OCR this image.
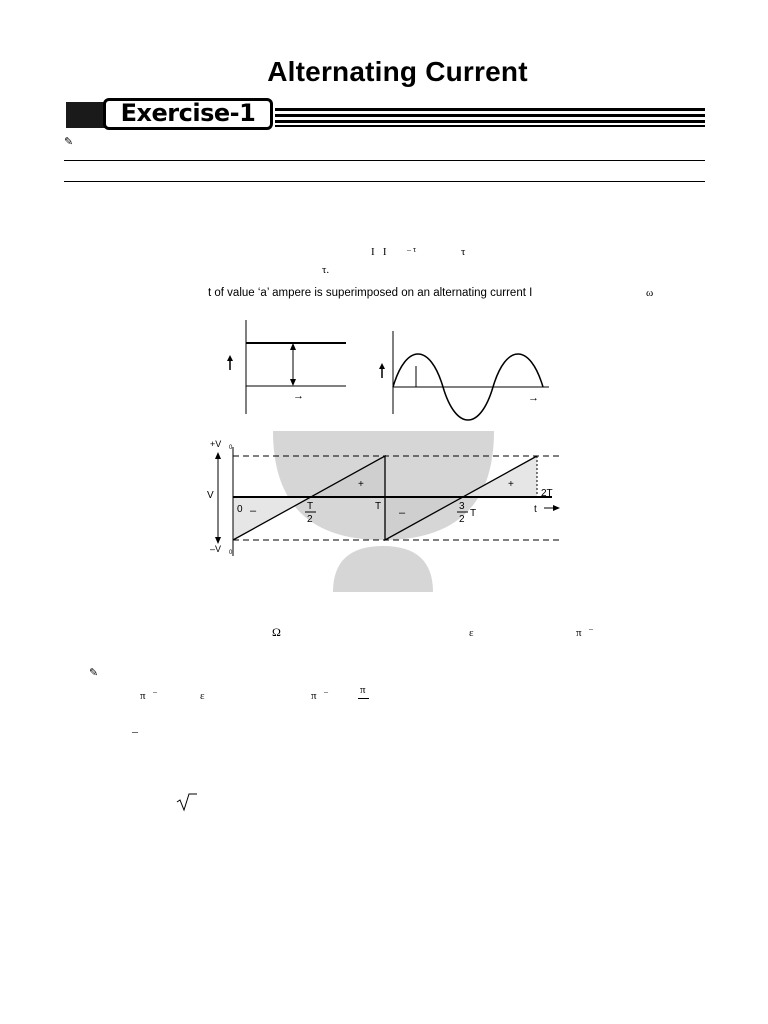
Alternating Current
Exercise-1
✎
I   I	– τ	τ
τ.
t of value ‘a’ ampere is superimposed on an alternating current I	ω
→	→
+V 0
–V 0
V
0 –	–
+	+
T
2
T	3
2
T
2T
t
Ω	ε	π –
✎
π –	ε	π –	π
–
